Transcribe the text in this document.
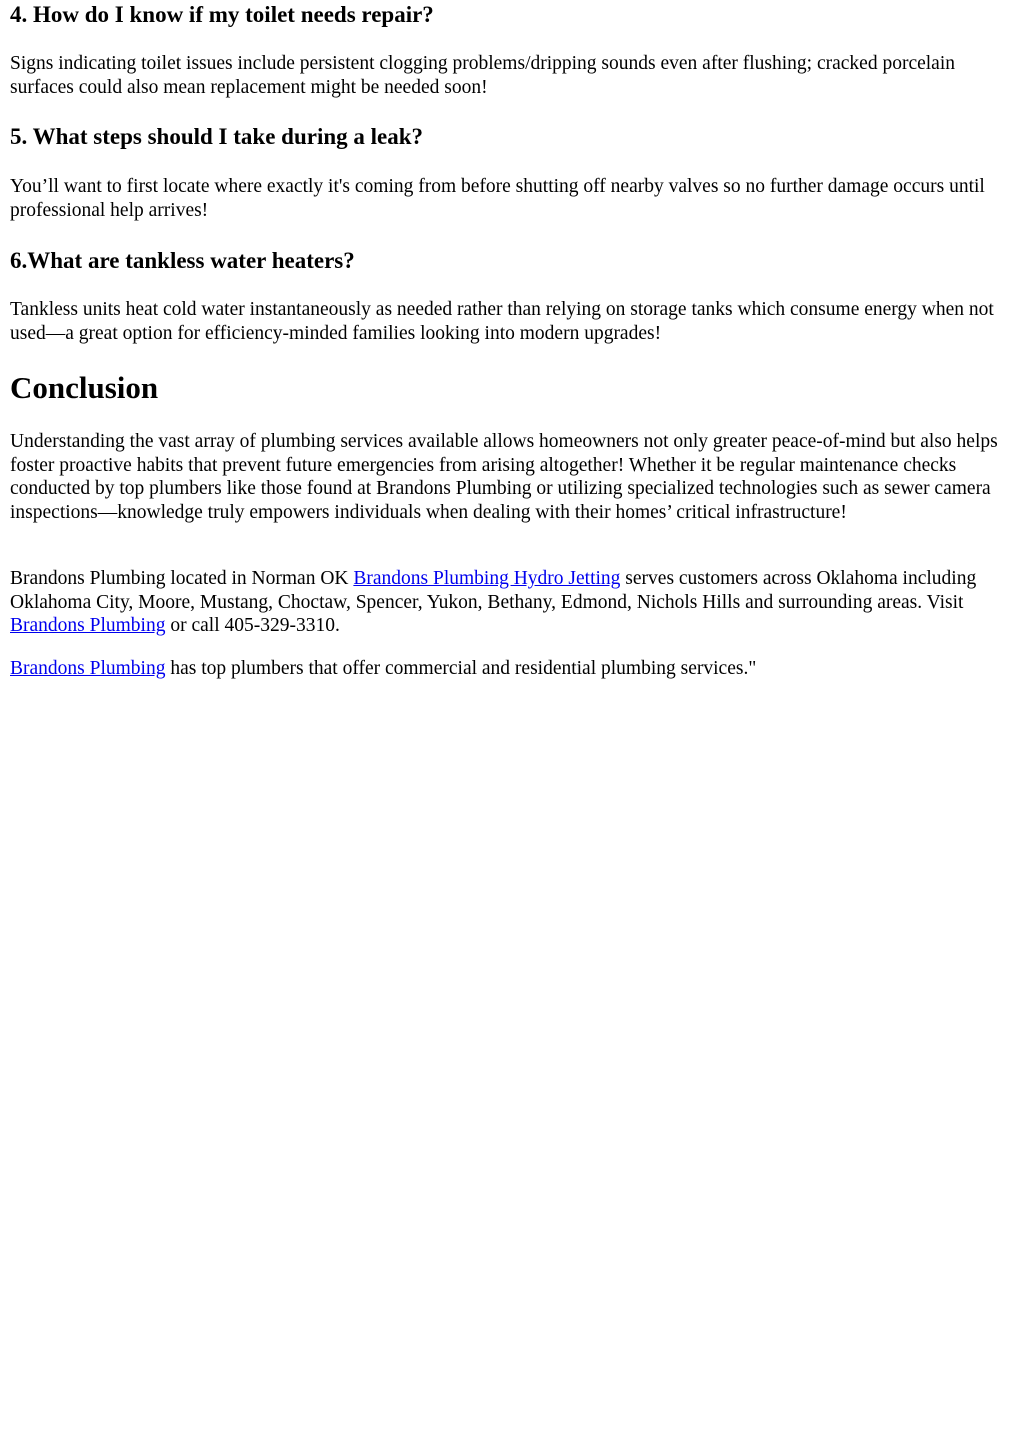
4. How do I know if my toilet needs repair?

Signs indicating toilet issues include persistent clogging problems/dripping sounds even after flushing; cracked porcelain surfaces could also mean replacement might be needed soon!

5. What steps should I take during a leak?

You’ll want to first locate where exactly it's coming from before shutting off nearby valves so no further damage occurs until professional help arrives!

6.What are tankless water heaters?

Tankless units heat cold water instantaneously as needed rather than relying on storage tanks which consume energy when not used—a great option for efficiency-minded families looking into modern upgrades!

Conclusion

Understanding the vast array of plumbing services available allows homeowners not only greater peace-of-mind but also helps foster proactive habits that prevent future emergencies from arising altogether! Whether it be regular maintenance checks conducted by top plumbers like those found at Brandons Plumbing or utilizing specialized technologies such as sewer camera inspections—knowledge truly empowers individuals when dealing with their homes’ critical infrastructure!

Brandons Plumbing located in Norman OK Brandons Plumbing Hydro Jetting serves customers across Oklahoma including Oklahoma City, Moore, Mustang, Choctaw, Spencer, Yukon, Bethany, Edmond, Nichols Hills and surrounding areas. Visit Brandons Plumbing or call 405-329-3310.

Brandons Plumbing has top plumbers that offer commercial and residential plumbing services."
